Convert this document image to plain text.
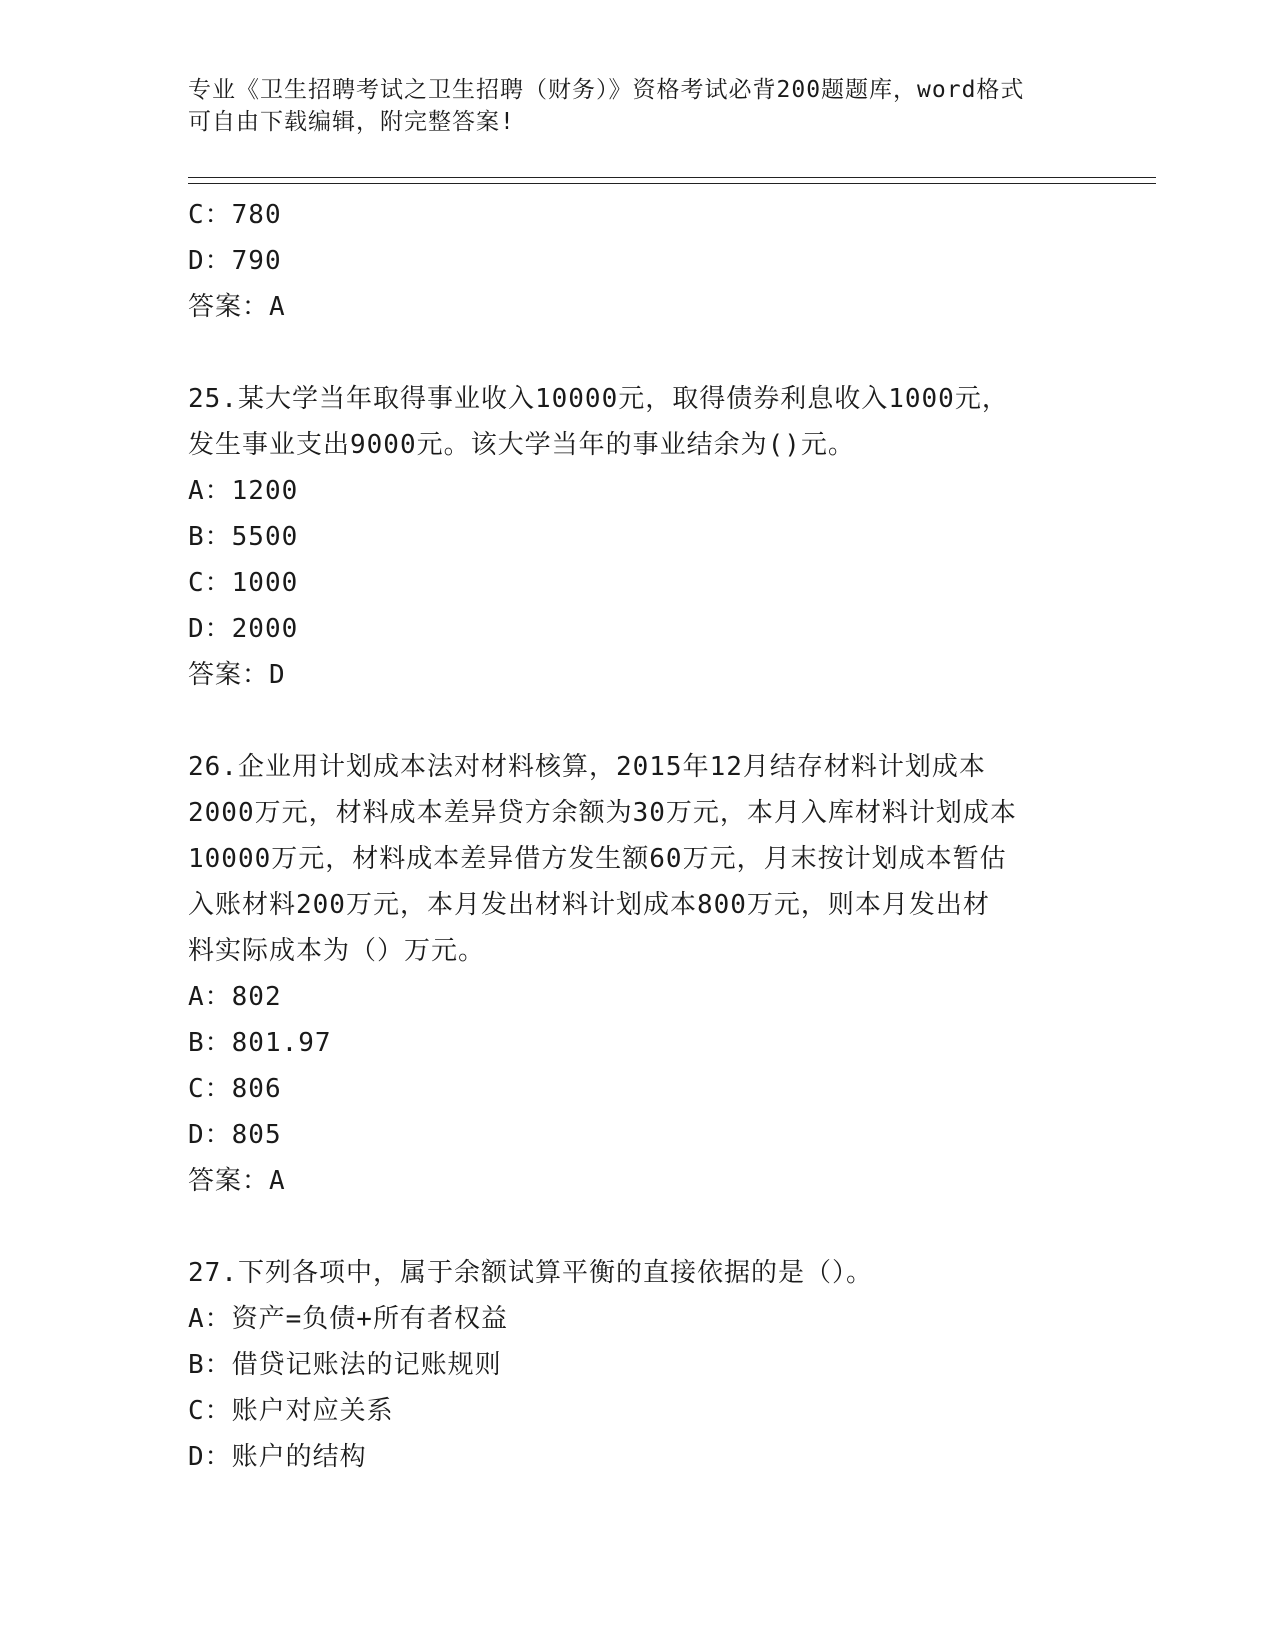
专业《卫生招聘考试之卫生招聘（财务）》资格考试必背200题题库，word格式
可自由下载编辑，附完整答案!

C：780

D：790

答案：A

25.某大学当年取得事业收入10000元，取得债券利息收入1000元，

发生事业支出9000元。该大学当年的事业结余为()元。

A：1200

B：5500

C：1000

D：2000

答案：D

26.企业用计划成本法对材料核算，2015年12月结存材料计划成本

2000万元，材料成本差异贷方余额为30万元，本月入库材料计划成本

10000万元，材料成本差异借方发生额60万元，月末按计划成本暂估

入账材料200万元，本月发出材料计划成本800万元，则本月发出材

料实际成本为（）万元。

A：802

B：801.97

C：806

D：805

答案：A

27.下列各项中，属于余额试算平衡的直接依据的是（）。

A：资产=负债+所有者权益

B：借贷记账法的记账规则

C：账户对应关系

D：账户的结构
